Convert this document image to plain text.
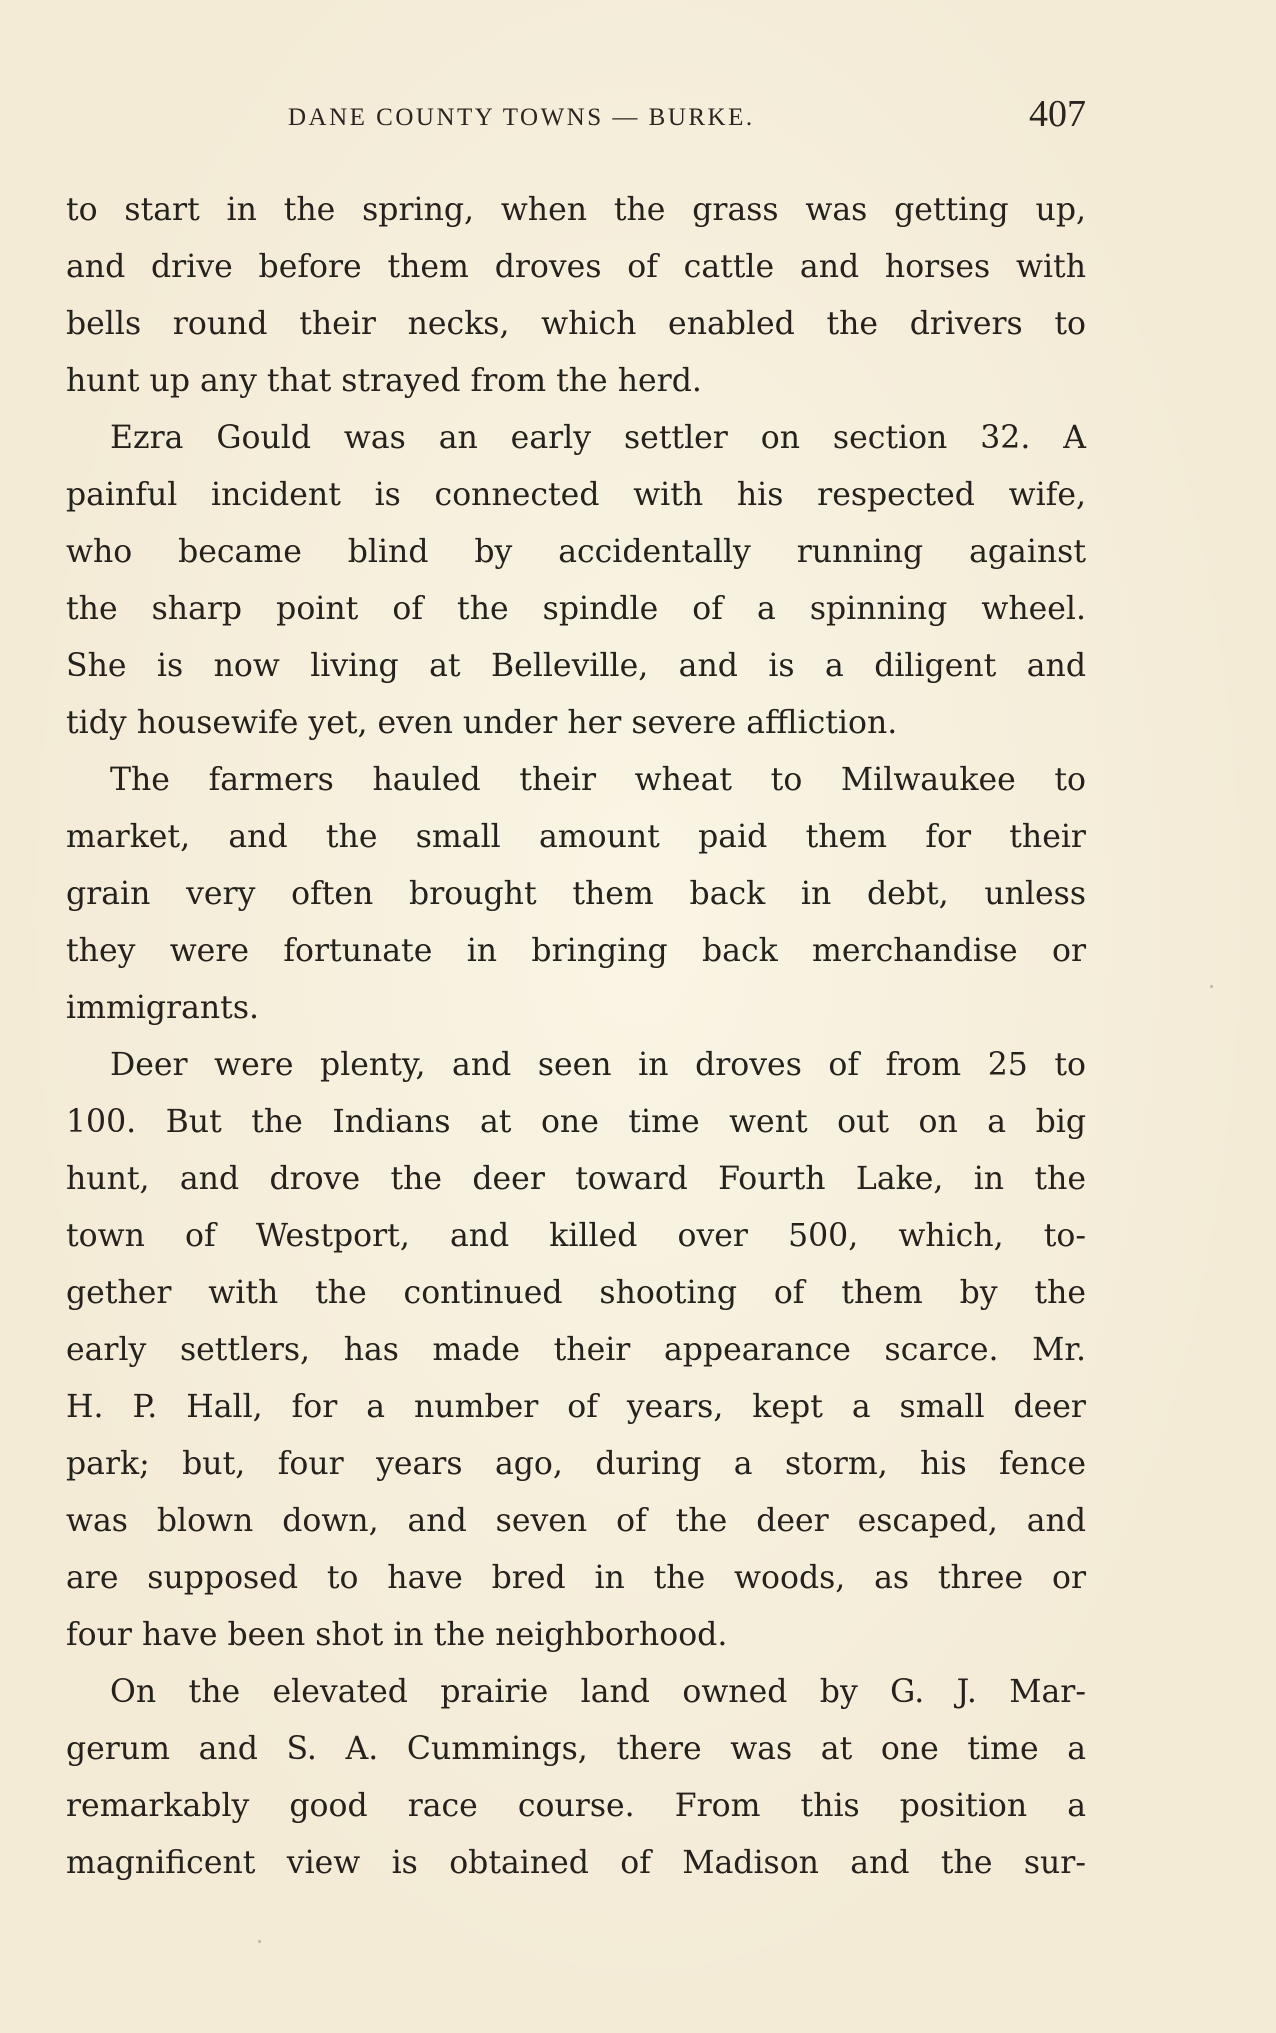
DANE COUNTY TOWNS — BURKE.	407
to start in the spring, when the grass was getting up,
and drive before them droves of cattle and horses with
bells round their necks, which enabled the drivers to
hunt up any that strayed from the herd.
Ezra Gould was an early settler on section 32. A
painful incident is connected with his respected wife,
who became blind by accidentally running against
the sharp point of the spindle of a spinning wheel.
She is now living at Belleville, and is a diligent and
tidy housewife yet, even under her severe affliction.
The farmers hauled their wheat to Milwaukee to
market, and the small amount paid them for their
grain very often brought them back in debt, unless
they were fortunate in bringing back merchandise or
immigrants.
Deer were plenty, and seen in droves of from 25 to
100. But the Indians at one time went out on a big
hunt, and drove the deer toward Fourth Lake, in the
town of Westport, and killed over 500, which, to-
gether with the continued shooting of them by the
early settlers, has made their appearance scarce. Mr.
H. P. Hall, for a number of years, kept a small deer
park; but, four years ago, during a storm, his fence
was blown down, and seven of the deer escaped, and
are supposed to have bred in the woods, as three or
four have been shot in the neighborhood.
On the elevated prairie land owned by G. J. Mar-
gerum and S. A. Cummings, there was at one time a
remarkably good race course. From this position a
magnificent view is obtained of Madison and the sur-
